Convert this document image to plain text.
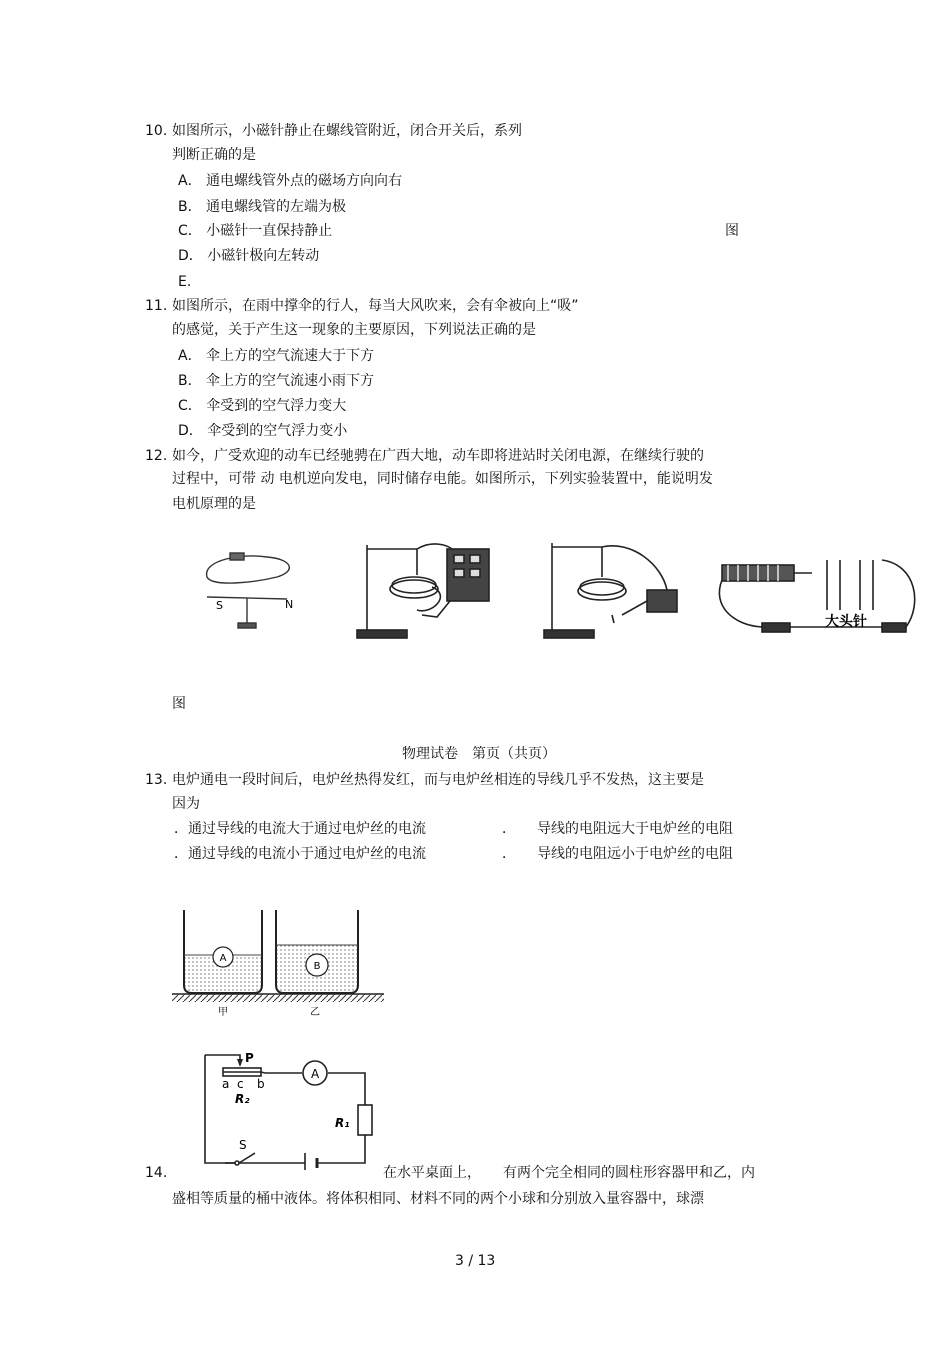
10. 如图所示，小磁针静止在螺线管附近，闭合开关后，系列
判断正确的是
A． 通电螺线管外点的磁场方向向右
B． 通电螺线管的左端为极
C． 小磁针一直保持静止	图
D． 小磁针极向左转动
E.
11. 如图所示，在雨中撑伞的行人，每当大风吹来，会有伞被向上“吸”
的感觉，关于产生这一现象的主要原因，下列说法正确的是
A． 伞上方的空气流速大于下方
B． 伞上方的空气流速小雨下方
C． 伞受到的空气浮力变大
D． 伞受到的空气浮力变小
12. 如今，广受欢迎的动车已经驰骋在广西大地，动车即将进站时关闭电源，在继续行驶的
过程中，可带 动 电机逆向发电，同时储存电能。如图所示，下列实验装置中，能说明发
电机原理的是
S	N
大头针
图
物理试卷　第页（共页）
13. 电炉通电一段时间后，电炉丝热得发红，而与电炉丝相连的导线几乎不发热，这主要是
因为
．通过导线的电流大于通过电炉丝的电流	．　　导线的电阻远大于电炉丝的电阻
．通过导线的电流小于通过电炉丝的电流	．　　导线的电阻远小于电炉丝的电阻
A
B
甲	乙
P
a c b
R₂
A
R₁
S
14.	在水平桌面上， 有两个完全相同的圆柱形容器甲和乙，内
盛相等质量的桶中液体。将体积相同、材料不同的两个小球和分别放入量容器中，球漂
3 / 13
